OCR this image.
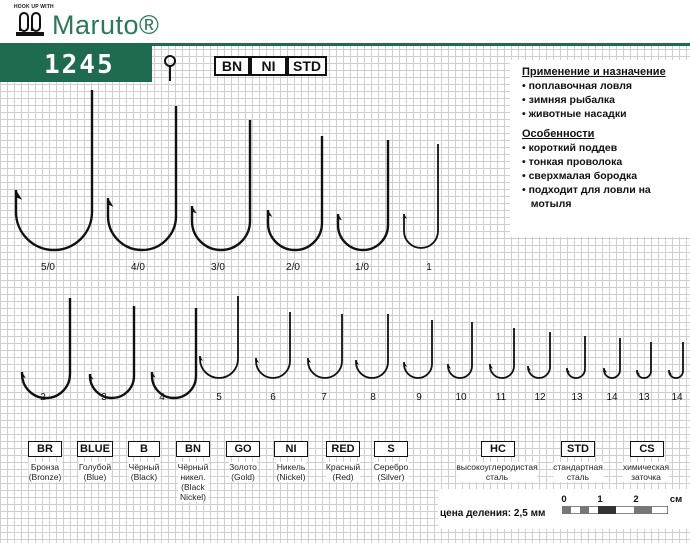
HOOK UP WITH
Maruto®
1245	BN	NI	STD	Применение и назначение
• поплавочная ловля
• зимняя рыбалка
• животные насадки
Особенности
• короткий поддев
• тонкая проволока
• сверхмалая бородка
• подходит для ловли на
мотыля
5/0	4/0	3/0	2/0	1/0	1
2	3	4	5	6	7	8	9	10	11	12	13 14 13 14
BR
Бронза
(Bronze)
BLUE
Голубой
(Blue)
B
Чёрный
(Black)
BN
Чёрный
никел.
(Black
Nickel)
GO
Золото
(Gold)
NI
Никель
(Nickel)
RED
Красный
(Red)
S
Серебро
(Silver)
HC
высокоуглеродистая
сталь
STD
стандартная
сталь
CS
химическая
заточка
цена деления: 2,5 мм
0	1	2	см
